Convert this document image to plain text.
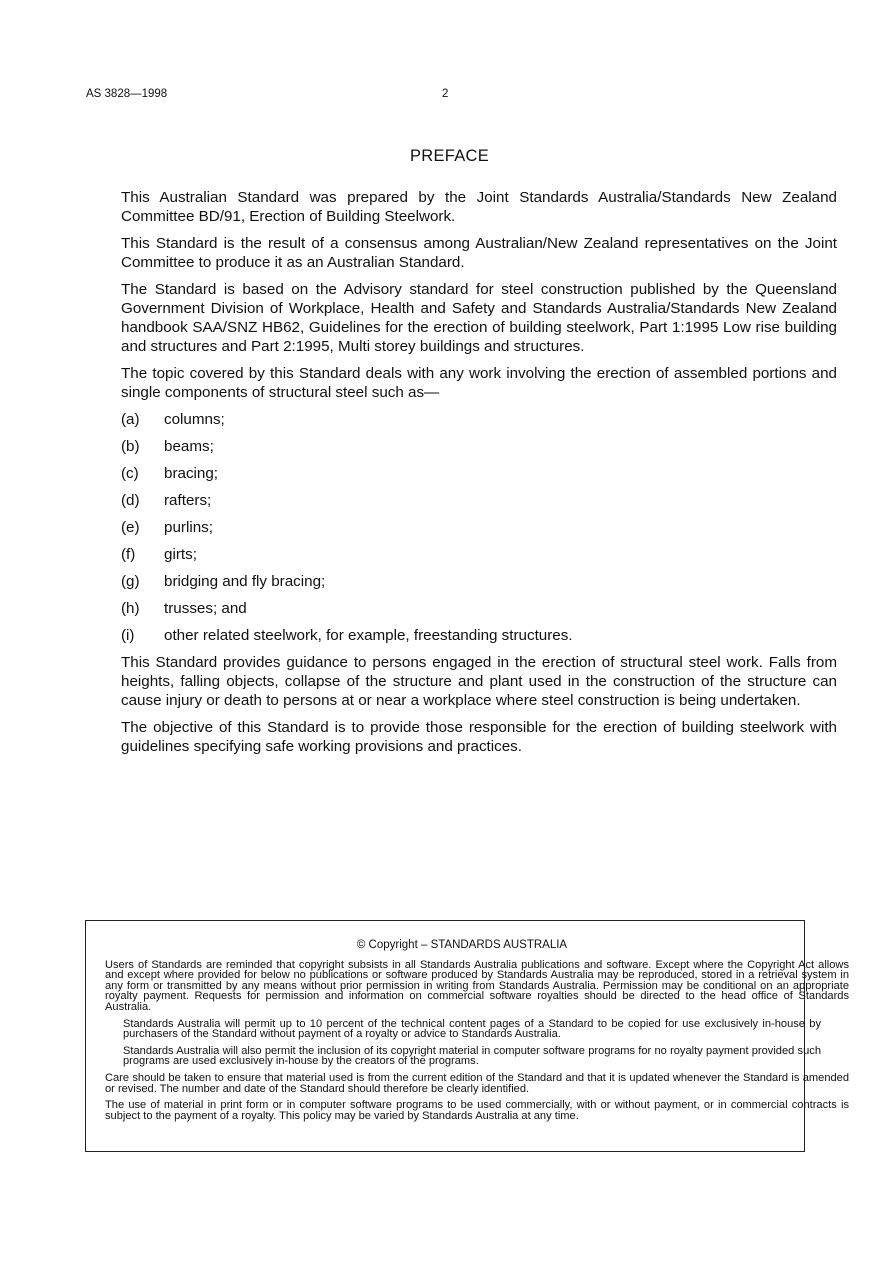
AS 3828—1998	2
PREFACE

This Australian Standard was prepared by the Joint Standards Australia/Standards New Zealand Committee BD/91, Erection of Building Steelwork.

This Standard is the result of a consensus among Australian/New Zealand representatives on the Joint Committee to produce it as an Australian Standard.

The Standard is based on the Advisory standard for steel construction published by the Queensland Government Division of Workplace, Health and Safety and Standards Australia/Standards New Zealand handbook SAA/SNZ HB62, Guidelines for the erection of building steelwork, Part 1:1995 Low rise building and structures and Part 2:1995, Multi storey buildings and structures.

The topic covered by this Standard deals with any work involving the erection of assembled portions and single components of structural steel such as—

(a)	columns;
(b)	beams;
(c)	bracing;
(d)	rafters;
(e)	purlins;
(f)	girts;
(g)	bridging and fly bracing;
(h)	trusses; and
(i)	other related steelwork, for example, freestanding structures.

This Standard provides guidance to persons engaged in the erection of structural steel work. Falls from heights, falling objects, collapse of the structure and plant used in the construction of the structure can cause injury or death to persons at or near a workplace where steel construction is being undertaken.

The objective of this Standard is to provide those responsible for the erection of building steelwork with guidelines specifying safe working provisions and practices.

© Copyright – STANDARDS AUSTRALIA

Users of Standards are reminded that copyright subsists in all Standards Australia publications and software. Except where the Copyright Act allows and except where provided for below no publications or software produced by Standards Australia may be reproduced, stored in a retrieval system in any form or transmitted by any means without prior permission in writing from Standards Australia. Permission may be conditional on an appropriate royalty payment. Requests for permission and information on commercial software royalties should be directed to the head office of Standards Australia.

Standards Australia will permit up to 10 percent of the technical content pages of a Standard to be copied for use exclusively in-house by purchasers of the Standard without payment of a royalty or advice to Standards Australia.

Standards Australia will also permit the inclusion of its copyright material in computer software programs for no royalty payment provided such programs are used exclusively in-house by the creators of the programs.

Care should be taken to ensure that material used is from the current edition of the Standard and that it is updated whenever the Standard is amended or revised. The number and date of the Standard should therefore be clearly identified.

The use of material in print form or in computer software programs to be used commercially, with or without payment, or in commercial contracts is subject to the payment of a royalty. This policy may be varied by Standards Australia at any time.
